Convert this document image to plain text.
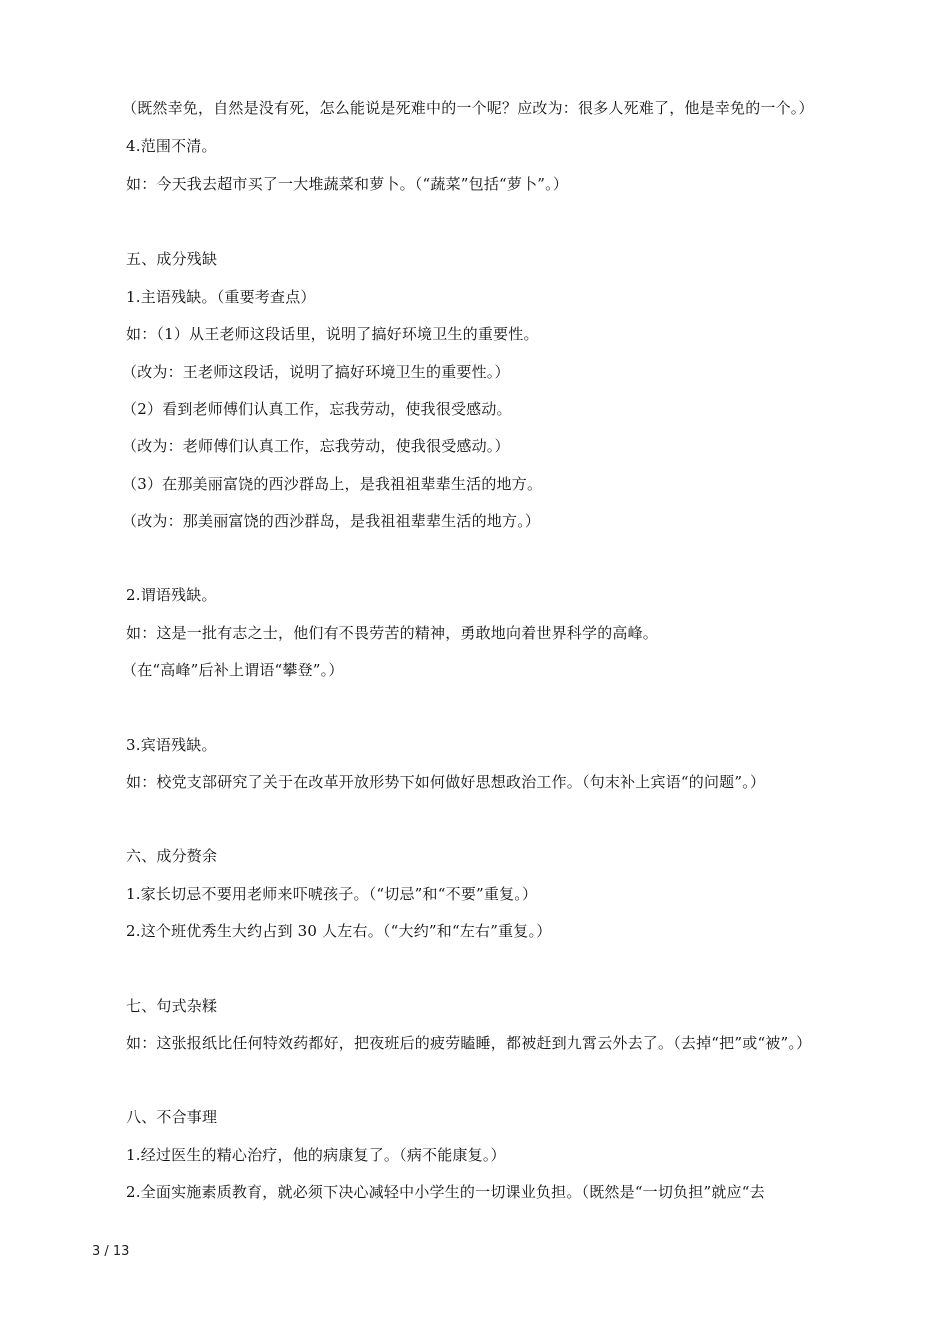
（既然幸免，自然是没有死，怎么能说是死难中的一个呢？应改为：很多人死难了，他是幸免的一个。）
4.范围不清。
如：今天我去超市买了一大堆蔬菜和萝卜。（“蔬菜”包括“萝卜”。）
五、成分残缺
1.主语残缺。（重要考查点）
如：（1）从王老师这段话里，说明了搞好环境卫生的重要性。
（改为：王老师这段话，说明了搞好环境卫生的重要性。）
（2）看到老师傅们认真工作，忘我劳动，使我很受感动。
（改为：老师傅们认真工作，忘我劳动，使我很受感动。）
（3）在那美丽富饶的西沙群岛上，是我祖祖辈辈生活的地方。
（改为：那美丽富饶的西沙群岛，是我祖祖辈辈生活的地方。）
2.谓语残缺。
如：这是一批有志之士，他们有不畏劳苦的精神，勇敢地向着世界科学的高峰。
（在“高峰”后补上谓语“攀登”。）
3.宾语残缺。
如：校党支部研究了关于在改革开放形势下如何做好思想政治工作。（句末补上宾语“的问题”。）
六、成分赘余
1.家长切忌不要用老师来吓唬孩子。（“切忌”和“不要”重复。）
2.这个班优秀生大约占到 30 人左右。（“大约”和“左右”重复。）
七、句式杂糅
如：这张报纸比任何特效药都好，把夜班后的疲劳瞌睡，都被赶到九霄云外去了。（去掉“把”或“被”。）
八、不合事理
1.经过医生的精心治疗，他的病康复了。（病不能康复。）
2.全面实施素质教育，就必须下决心减轻中小学生的一切课业负担。（既然是“一切负担”就应“去
3 / 13
